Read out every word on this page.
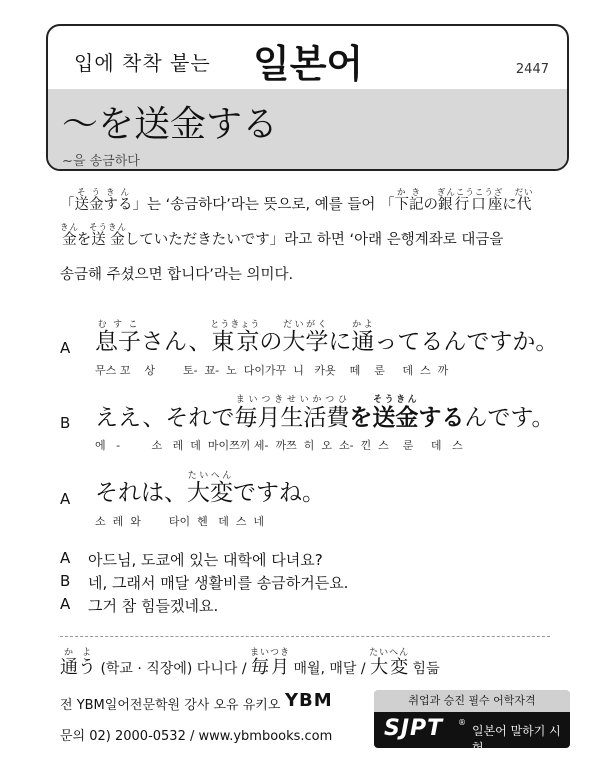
입에 착착 붙는 일본어	2447
～を送金する
~을 송금하다
「送金するそうきん」는 ‘송금하다’라는 뜻으로, 예를 들어 「下記かきの銀行口座ぎんこうこうざに代だい
金きんを送金そうきんしていただきたいです」라고 하면 ‘아래 은행계좌로 대금을
송금해 주셨으면 합니다’라는 의미다.
A 息子むすこさん、東京とうきょうの大学だいがくに通かよってるんですか。
무스 꼬    상        토-  꾜-  노  다이가꾸  니   카욧    떼    룬     데  스  까
B ええ、それで毎月生活費まいつきせいかつひを送金そうきんするんです。
에   -         소   레  데  마이쯔끼 세-  까쯔  히  오  소-  낀  스    룬     데   스
A それは、大変たいへんですね。
소  레  와        타이  헨   데  스  네
A 아드님, 도쿄에 있는 대학에 다녀요?
B 네, 그래서 매달 생활비를 송금하거든요.
A 그거 참 힘들겠네요.
通うかよ (학교 · 직장에) 다니다 / 毎月まいつき 매월, 매달 / 大変たいへん 힘듦
전 YBM일어전문학원 강사 오유 유키오 YBM
문의 02) 2000-0532 / www.ybmbooks.com
취업과 승진 필수 어학자격
SJPT ®
일본어 말하기 시험
